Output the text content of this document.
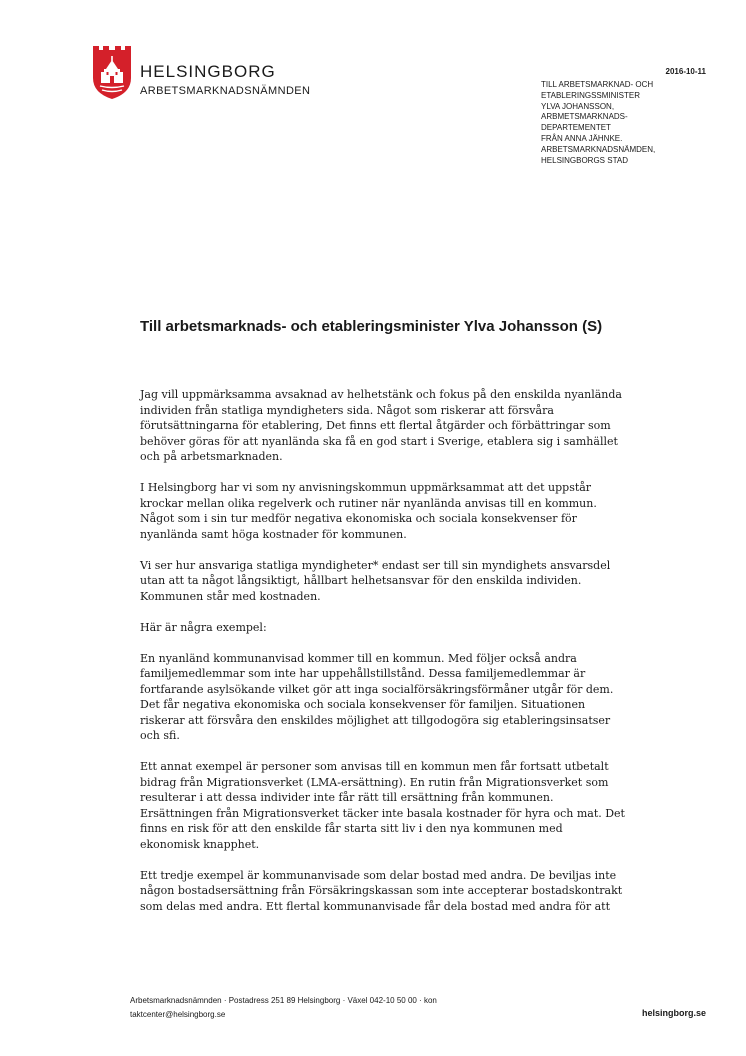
HELSINGBORG
ARBETSMARKNADSNÄMNDEN
2016-10-11
TILL ARBETSMARKNAD- OCH
ETABLERINGSSMINISTER
YLVA JOHANSSON,
ARBMETSMARKNADS-
DEPARTEMENTET
FRÅN ANNA JÄHNKE.
ARBETSMARKNADSNÄMDEN,
HELSINGBORGS STAD
Till arbetsmarknads- och etableringsminister Ylva Johansson (S)

Jag vill uppmärksamma avsaknad av helhetstänk och fokus på den enskilda nyanlända
individen från statliga myndigheters sida. Något som riskerar att försvåra
förutsättningarna för etablering, Det finns ett flertal åtgärder och förbättringar som
behöver göras för att nyanlända ska få en god start i Sverige, etablera sig i samhället
och på arbetsmarknaden.

I Helsingborg har vi som ny anvisningskommun uppmärksammat att det uppstår
krockar mellan olika regelverk och rutiner när nyanlända anvisas till en kommun.
Något som i sin tur medför negativa ekonomiska och sociala konsekvenser för
nyanlända samt höga kostnader för kommunen.

Vi ser hur ansvariga statliga myndigheter* endast ser till sin myndighets ansvarsdel
utan att ta något långsiktigt, hållbart helhetsansvar för den enskilda individen.
Kommunen står med kostnaden.

Här är några exempel:

En nyanländ kommunanvisad kommer till en kommun. Med följer också andra
familjemedlemmar som inte har uppehållstillstånd. Dessa familjemedlemmar är
fortfarande asylsökande vilket gör att inga socialförsäkringsförmåner utgår för dem.
Det får negativa ekonomiska och sociala konsekvenser för familjen. Situationen
riskerar att försvåra den enskildes möjlighet att tillgodogöra sig etableringsinsatser
och sfi.

Ett annat exempel är personer som anvisas till en kommun men får fortsatt utbetalt
bidrag från Migrationsverket (LMA-ersättning). En rutin från Migrationsverket som
resulterar i att dessa individer inte får rätt till ersättning från kommunen.
Ersättningen från Migrationsverket täcker inte basala kostnader för hyra och mat. Det
finns en risk för att den enskilde får starta sitt liv i den nya kommunen med
ekonomisk knapphet.

Ett tredje exempel är kommunanvisade som delar bostad med andra. De beviljas inte
någon bostadsersättning från Försäkringskassan som inte accepterar bostadskontrakt
som delas med andra. Ett flertal kommunanvisade får dela bostad med andra för att

Arbetsmarknadsnämnden · Postadress 251 89 Helsingborg · Växel 042-10 50 00 · kon
taktcenter@helsingborg.se	helsingborg.se
